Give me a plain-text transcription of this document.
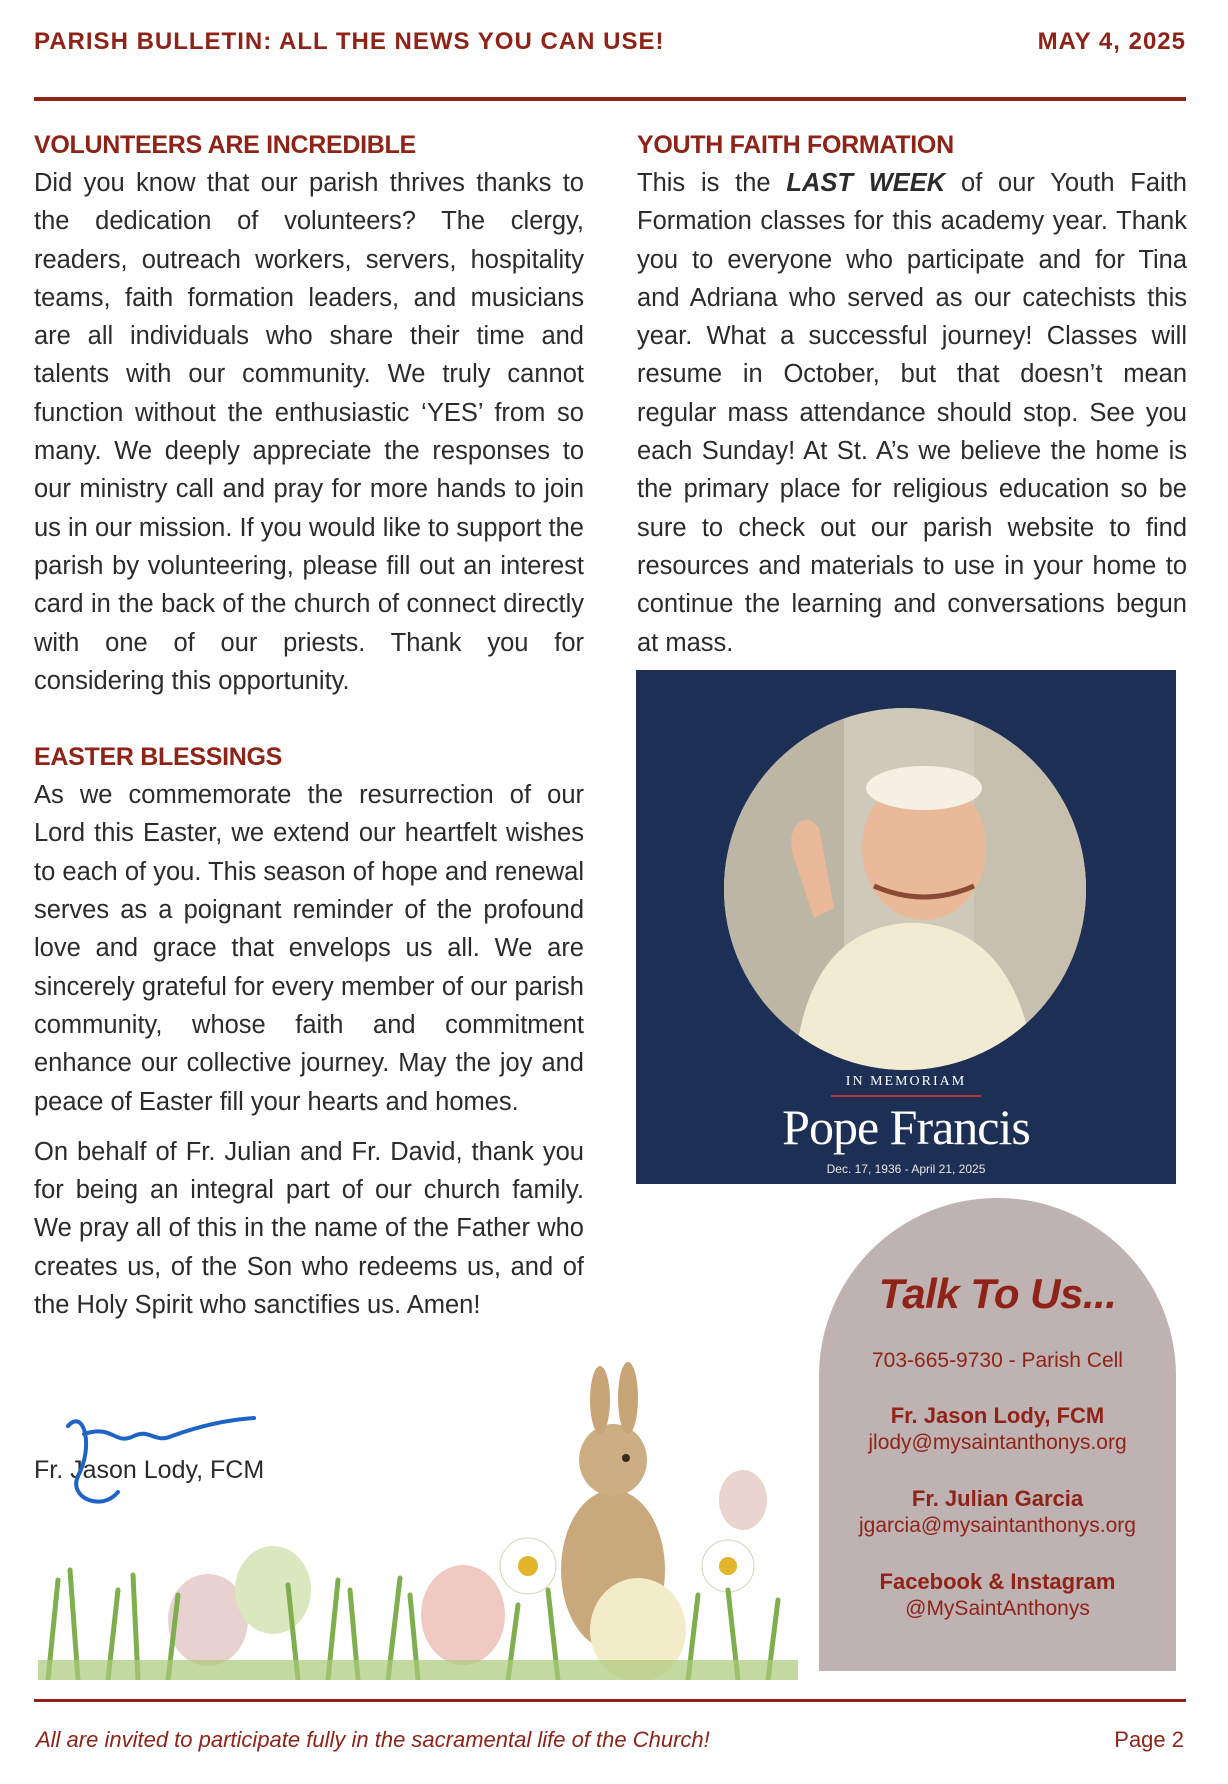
PARISH BULLETIN: ALL THE NEWS YOU CAN USE!	MAY 4, 2025
VOLUNTEERS ARE INCREDIBLE

Did you know that our parish thrives thanks to the dedication of volunteers? The clergy, readers, outreach workers, servers, hospitality teams, faith formation leaders, and musicians are all individuals who share their time and talents with our community. We truly cannot function without the enthusiastic ‘YES’ from so many. We deeply appreciate the responses to our ministry call and pray for more hands to join us in our mission. If you would like to support the parish by volunteering, please fill out an interest card in the back of the church of connect directly with one of our priests. Thank you for considering this opportunity.

EASTER BLESSINGS

As we commemorate the resurrection of our Lord this Easter, we extend our heartfelt wishes to each of you. This season of hope and renewal serves as a poignant reminder of the profound love and grace that envelops us all. We are sincerely grateful for every member of our parish community, whose faith and commitment enhance our collective journey. May the joy and peace of Easter fill your hearts and homes.

On behalf of Fr. Julian and Fr. David, thank you for being an integral part of our church family. We pray all of this in the name of the Father who creates us, of the Son who redeems us, and of the Holy Spirit who sanctifies us. Amen!

Fr. Jason Lody, FCM
YOUTH FAITH FORMATION

This is the LAST WEEK of our Youth Faith Formation classes for this academy year. Thank you to everyone who participate and for Tina and Adriana who served as our catechists this year. What a successful journey! Classes will resume in October, but that doesn’t mean regular mass attendance should stop. See you each Sunday! At St. A’s we believe the home is the primary place for religious education so be sure to check out our parish website to find resources and materials to use in your home to continue the learning and conversations begun at mass.

IN MEMORIAM
Pope Francis
Dec. 17, 1936 - April 21, 2025
Talk To Us...
703-665-9730 - Parish Cell
Fr. Jason Lody, FCM
jlody@mysaintanthonys.org
Fr. Julian Garcia
jgarcia@mysaintanthonys.org
Facebook & Instagram
@MySaintAnthonys
All are invited to participate fully in the sacramental life of the Church!	Page 2
